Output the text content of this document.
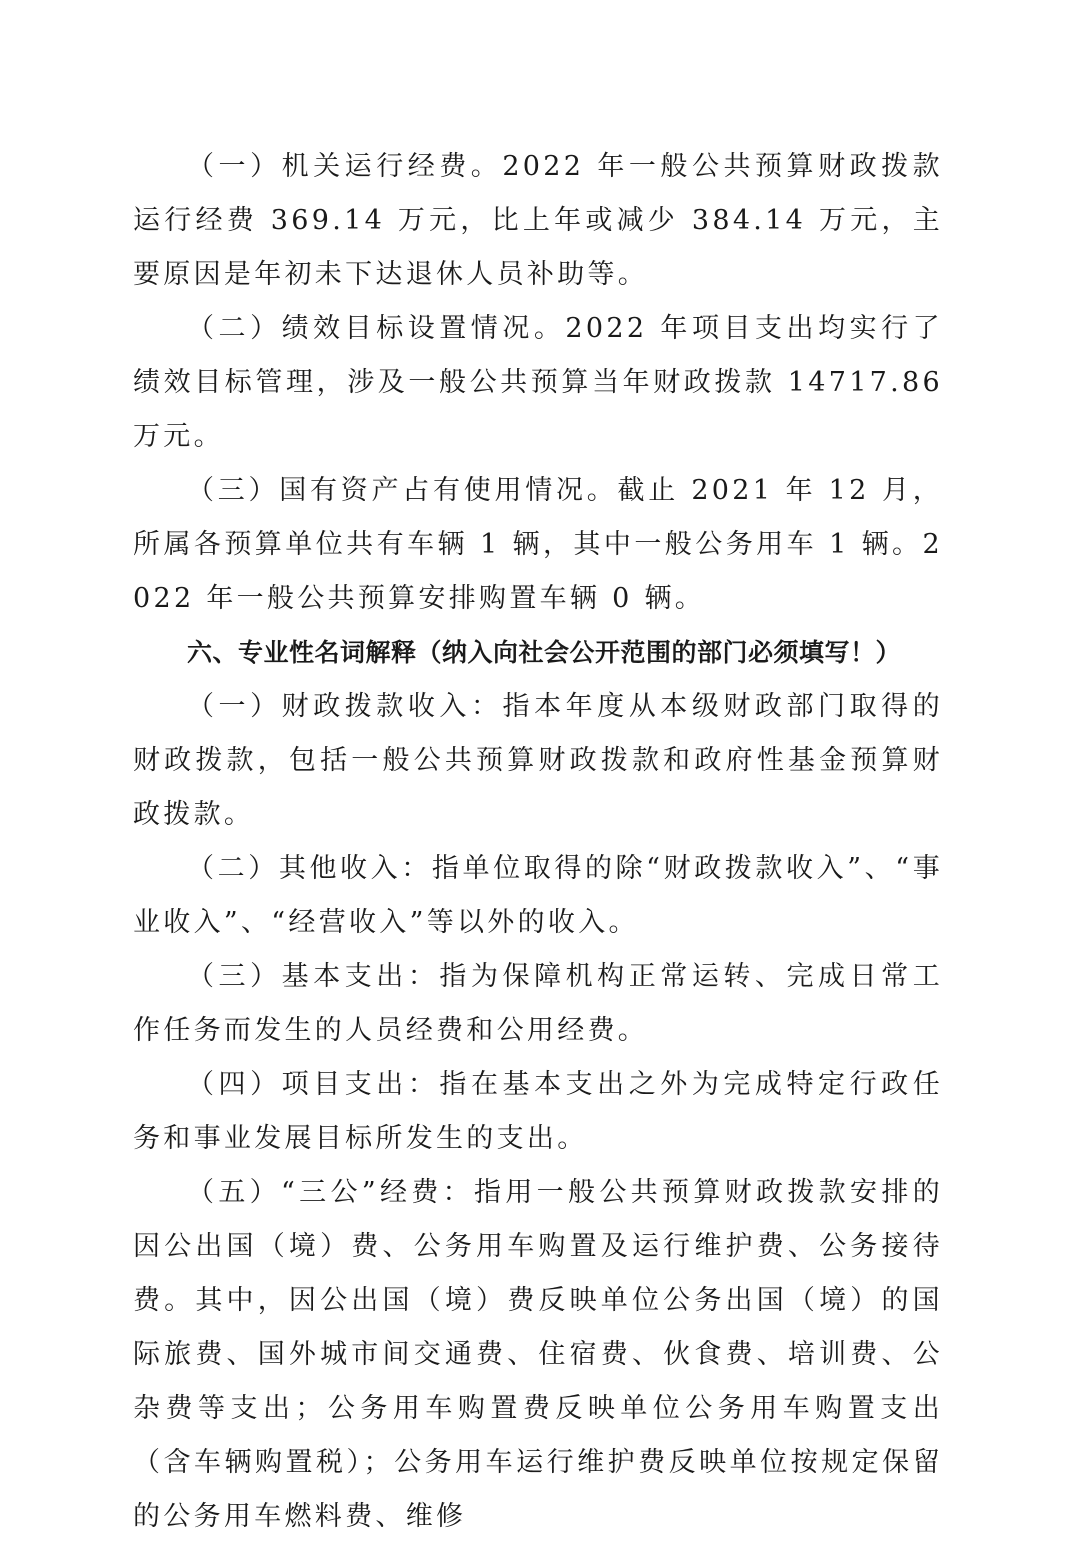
（一）机关运行经费。2022 年一般公共预算财政拨款运行经费 369.14 万元，比上年或减少 384.14 万元，主要原因是年初未下达退休人员补助等。

（二）绩效目标设置情况。2022 年项目支出均实行了绩效目标管理，涉及一般公共预算当年财政拨款 14717.86 万元。

（三）国有资产占有使用情况。截止 2021 年 12 月，所属各预算单位共有车辆 1 辆，其中一般公务用车 1 辆。2022 年一般公共预算安排购置车辆 0 辆。

六、专业性名词解释（纳入向社会公开范围的部门必须填写！）

（一）财政拨款收入：指本年度从本级财政部门取得的财政拨款，包括一般公共预算财政拨款和政府性基金预算财政拨款。

（二）其他收入：指单位取得的除“财政拨款收入”、“事业收入”、“经营收入”等以外的收入。

（三）基本支出：指为保障机构正常运转、完成日常工作任务而发生的人员经费和公用经费。

（四）项目支出：指在基本支出之外为完成特定行政任务和事业发展目标所发生的支出。

（五）“三公”经费：指用一般公共预算财政拨款安排的因公出国（境）费、公务用车购置及运行维护费、公务接待费。其中，因公出国（境）费反映单位公务出国（境）的国际旅费、国外城市间交通费、住宿费、伙食费、培训费、公杂费等支出；公务用车购置费反映单位公务用车购置支出（含车辆购置税）；公务用车运行维护费反映单位按规定保留的公务用车燃料费、维修
